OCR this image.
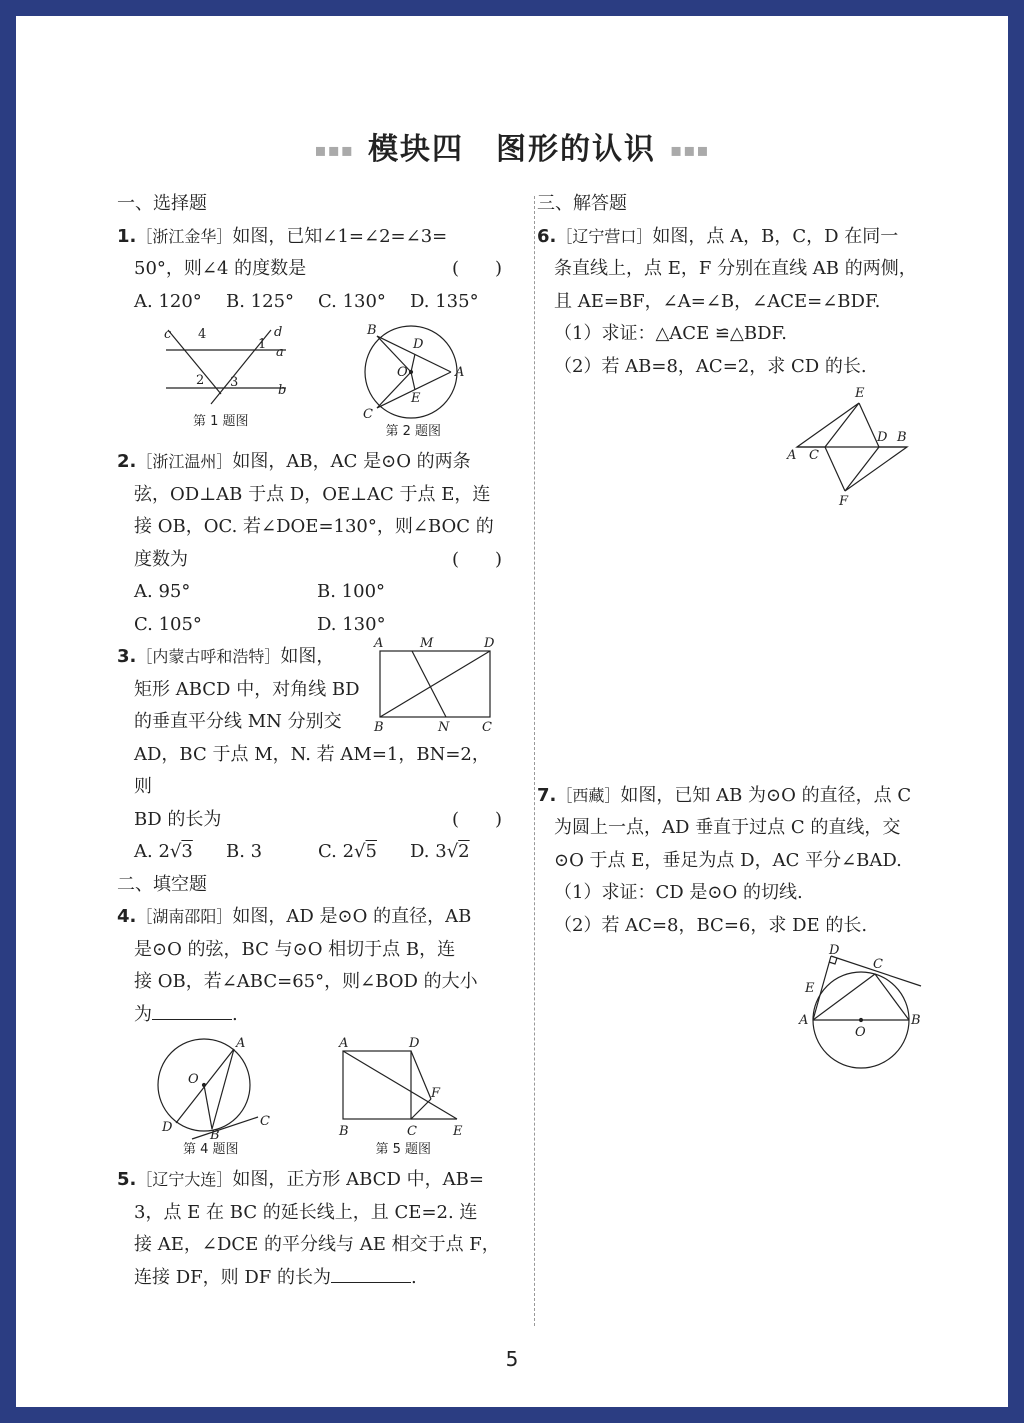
▪▪▪ 模块四　图形的认识 ▪▪▪

一、选择题

1.［浙江金华］如图，已知∠1=∠2=∠3=
50°，则∠4 的度数是	(　　)
A. 120°	B. 125°	C. 130°	D. 135°
c 4	d
1
a
2 3
b
第 1 题图
B
D
O	A
E
C
第 2 题图
2.［浙江温州］如图，AB，AC 是⊙O 的两条
弦，OD⊥AB 于点 D，OE⊥AC 于点 E，连
接 OB，OC. 若∠DOE=130°，则∠BOC 的
度数为	(　　)
A. 95°	B. 100°
C. 105°	D. 130°
A	M	D
B	N	C
3.［内蒙古呼和浩特］如图，
矩形 ABCD 中，对角线 BD
的垂直平分线 MN 分别交
AD，BC 于点 M，N. 若 AM=1，BN=2，则
BD 的长为	(　　)
A. 2√3	B. 3	C. 2√5	D. 3√2

二、填空题

4.［湖南邵阳］如图，AD 是⊙O 的直径，AB
是⊙O 的弦，BC 与⊙O 相切于点 B，连
接 OB，若∠ABC=65°，则∠BOD 的大小
为	.
A
O
D
B
C
第 4 题图
A	D
F
B	C	E
第 5 题图
5.［辽宁大连］如图，正方形 ABCD 中，AB=
3，点 E 在 BC 的延长线上，且 CE=2. 连
接 AE，∠DCE 的平分线与 AE 相交于点 F，
连接 DF，则 DF 的长为	.

三、解答题

6.［辽宁营口］如图，点 A，B，C，D 在同一
条直线上，点 E，F 分别在直线 AB 的两侧，
且 AE=BF，∠A=∠B，∠ACE=∠BDF.
（1）求证：△ACE ≌△BDF.
（2）若 AB=8，AC=2，求 CD 的长.
E
D B
A C
F
7.［西藏］如图，已知 AB 为⊙O 的直径，点 C
为圆上一点，AD 垂直于过点 C 的直线，交
⊙O 于点 E，垂足为点 D，AC 平分∠BAD.
（1）求证：CD 是⊙O 的切线.
（2）若 AC=8，BC=6，求 DE 的长.
D
C
E
A
O
B
5
